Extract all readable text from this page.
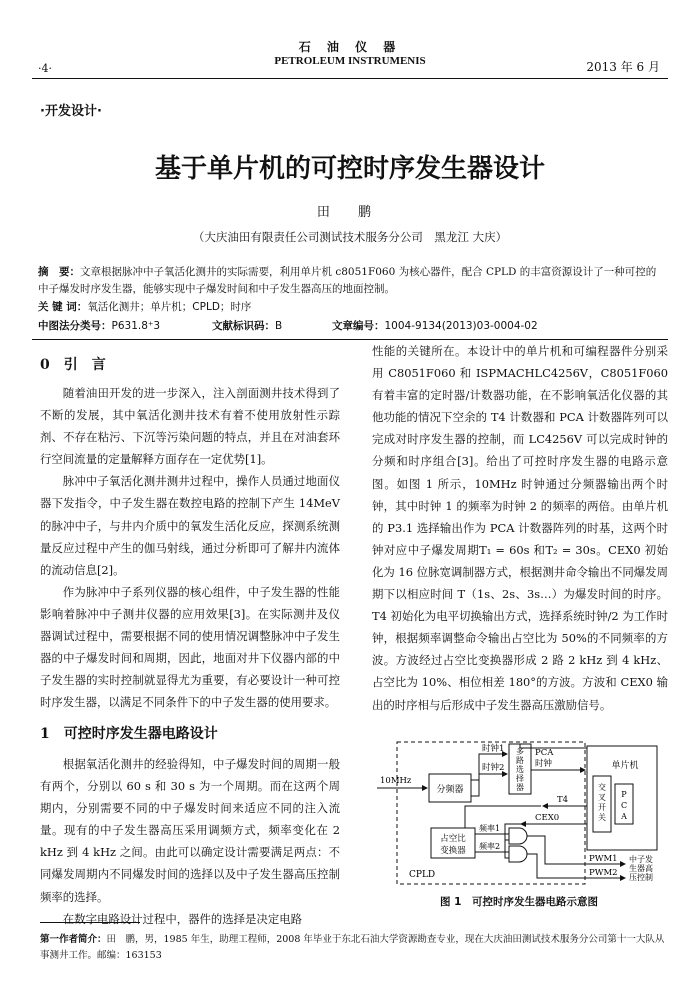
石 油 仪 器
PETROLEUM INSTRUMENIS
·4·	2013 年 6 月
·开发设计·
基于单片机的可控时序发生器设计
田 鹏
（大庆油田有限责任公司测试技术服务分公司　黑龙江 大庆）
摘　要：文章根据脉冲中子氧活化测井的实际需要，利用单片机 c8051F060 为核心器件，配合 CPLD 的丰富资源设计了一种可控的中子爆发时序发生器，能够实现中子爆发时间和中子发生器高压的地面控制。
关 键 词：氧活化测井；单片机；CPLD；时序
中图法分类号：P631.8⁺3	文献标识码：B	文章编号：1004-9134(2013)03-0004-02
0 引　言

随着油田开发的进一步深入，注入剖面测井技术得到了不断的发展，其中氧活化测井技术有着不使用放射性示踪剂、不存在粘污、下沉等污染问题的特点，并且在对油套环行空间流量的定量解释方面存在一定优势[1]。

脉冲中子氧活化测井测井过程中，操作人员通过地面仪器下发指令，中子发生器在数控电路的控制下产生 14MeV 的脉冲中子，与井内介质中的氧发生活化反应，探测系统测量反应过程中产生的伽马射线，通过分析即可了解井内流体的流动信息[2]。

作为脉冲中子系列仪器的核心组件，中子发生器的性能影响着脉冲中子测井仪器的应用效果[3]。在实际测井及仪器调试过程中，需要根据不同的使用情况调整脉冲中子发生器的中子爆发时间和周期，因此，地面对井下仪器内部的中子发生器的实时控制就显得尤为重要，有必要设计一种可控时序发生器，以满足不同条件下的中子发生器的使用要求。

1 可控时序发生器电路设计

根据氧活化测井的经验得知，中子爆发时间的周期一般有两个，分别以 60 s 和 30 s 为一个周期。而在这两个周期内，分别需要不同的中子爆发时间来适应不同的注入流量。现有的中子发生器高压采用调频方式，频率变化在 2 kHz 到 4 kHz 之间。由此可以确定设计需要满足两点：不同爆发周期内不同爆发时间的选择以及中子发生器高压控制频率的选择。

在数字电路设计过程中，器件的选择是决定电路

性能的关键所在。本设计中的单片机和可编程器件分别采用 C8051F060 和 ISPMACHLC4256V，C8051F060 有着丰富的定时器/计数器功能，在不影响氧活化仪器的其他功能的情况下空余的 T4 计数器和 PCA 计数器阵列可以完成对时序发生器的控制，而 LC4256V 可以完成时钟的分频和时序组合[3]。给出了可控时序发生器的电路示意图。如图 1 所示，10MHz 时钟通过分频器输出两个时钟，其中时钟 1 的频率为时钟 2 的频率的两倍。由单片机的 P3.1 选择输出作为 PCA 计数器阵列的时基，这两个时钟对应中子爆发周期T₁ = 60s 和T₂ = 30s。CEX0 初始化为 16 位脉宽调制器方式，根据测井命令输出不同爆发周期下以相应时间 T（1s、2s、3s…）为爆发时间的时序。T4 初始化为电平切换输出方式，选择系统时钟/2 为工作时钟，根据频率调整命令输出占空比为 50%的不同频率的方波。方波经过占空比变换器形成 2 路 2 kHz 到 4 kHz、占空比为 10%、相位相差 180°的方波。方波和 CEX0 输出的时序相与后形成中子发生器高压激励信号。

10MHz
分频器
时钟1
时钟2
多
路
选
择
器
PCA
时钟	单片机
交
叉
开
关
P
C
A
T4
CEX0
占空比
变换器
频率1
频率2
PWM1
PWM2
CPLD
中子发
生器高
压控制
图 1　可控时序发生器电路示意图
第一作者简介：田　鹏，男，1985 年生，助理工程师，2008 年毕业于东北石油大学资源勘查专业，现在大庆油田测试技术服务分公司第十一大队从事测井工作。邮编：163153
